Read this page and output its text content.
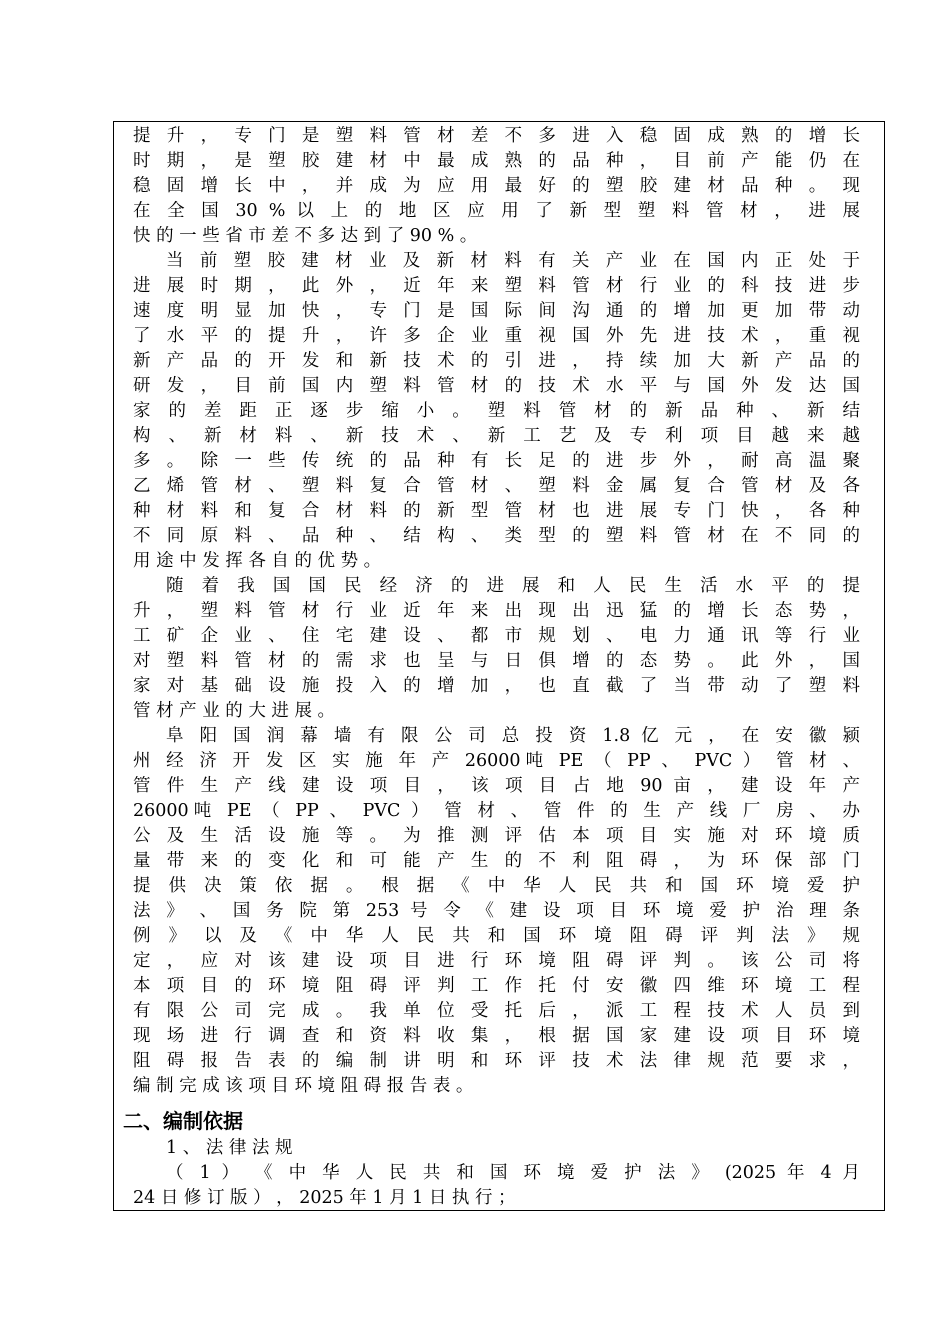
提 升 ， 专 门 是 塑 料 管 材 差 不 多 进 入 稳 固 成 熟 的 增 长
时 期 ， 是 塑 胶 建 材 中 最 成 熟 的 品 种 ， 目 前 产 能 仍 在
稳 固 增 长 中 ， 并 成 为 应 用 最 好 的 塑 胶 建 材 品 种 。 现
在 全 国 30 % 以 上 的 地 区 应 用 了 新 型 塑 料 管 材 ， 进 展
快 的 一 些 省 市 差 不 多 达 到 了 90 % 。
当 前 塑 胶 建 材 业 及 新 材 料 有 关 产 业 在 国 内 正 处 于
进 展 时 期 ， 此 外 ， 近 年 来 塑 料 管 材 行 业 的 科 技 进 步
速 度 明 显 加 快 ， 专 门 是 国 际 间 沟 通 的 增 加 更 加 带 动
了 水 平 的 提 升 ， 许 多 企 业 重 视 国 外 先 进 技 术 ， 重 视
新 产 品 的 开 发 和 新 技 术 的 引 进 ， 持 续 加 大 新 产 品 的
研 发 ， 目 前 国 内 塑 料 管 材 的 技 术 水 平 与 国 外 发 达 国
家 的 差 距 正 逐 步 缩 小 。 塑 料 管 材 的 新 品 种 、 新 结
构 、 新 材 料 、 新 技 术 、 新 工 艺 及 专 利 项 目 越 来 越
多 。 除 一 些 传 统 的 品 种 有 长 足 的 进 步 外 ， 耐 高 温 聚
乙 烯 管 材 、 塑 料 复 合 管 材 、 塑 料 金 属 复 合 管 材 及 各
种 材 料 和 复 合 材 料 的 新 型 管 材 也 进 展 专 门 快 ， 各 种
不 同 原 料 、 品 种 、 结 构 、 类 型 的 塑 料 管 材 在 不 同 的
用 途 中 发 挥 各 自 的 优 势 。
随 着 我 国 国 民 经 济 的 进 展 和 人 民 生 活 水 平 的 提
升 ， 塑 料 管 材 行 业 近 年 来 出 现 出 迅 猛 的 增 长 态 势 ，
工 矿 企 业 、 住 宅 建 设 、 都 市 规 划 、 电 力 通 讯 等 行 业
对 塑 料 管 材 的 需 求 也 呈 与 日 俱 增 的 态 势 。 此 外 ， 国
家 对 基 础 设 施 投 入 的 增 加 ， 也 直 截 了 当 带 动 了 塑 料
管 材 产 业 的 大 进 展 。
阜 阳 国 润 幕 墙 有 限 公 司 总 投 资 1.8 亿 元 ， 在 安 徽 颍
州 经 济 开 发 区 实 施 年 产 26000吨 PE （ PP 、 PVC ） 管 材 、
管 件 生 产 线 建 设 项 目 ， 该 项 目 占 地 90 亩 ， 建 设 年 产
26000吨 PE （ PP 、 PVC ） 管 材 、 管 件 的 生 产 线 厂 房 、 办
公 及 生 活 设 施 等 。 为 推 测 评 估 本 项 目 实 施 对 环 境 质
量 带 来 的 变 化 和 可 能 产 生 的 不 利 阻 碍 ， 为 环 保 部 门
提 供 决 策 依 据 。 根 据 《 中 华 人 民 共 和 国 环 境 爱 护
法 》 、 国 务 院 第 253 号 令 《 建 设 项 目 环 境 爱 护 治 理 条
例 》 以 及 《 中 华 人 民 共 和 国 环 境 阻 碍 评 判 法 》 规
定 ， 应 对 该 建 设 项 目 进 行 环 境 阻 碍 评 判 。 该 公 司 将
本 项 目 的 环 境 阻 碍 评 判 工 作 托 付 安 徽 四 维 环 境 工 程
有 限 公 司 完 成 。 我 单 位 受 托 后 ， 派 工 程 技 术 人 员 到
现 场 进 行 调 查 和 资 料 收 集 ， 根 据 国 家 建 设 项 目 环 境
阻 碍 报 告 表 的 编 制 讲 明 和 环 评 技 术 法 律 规 范 要 求 ，
编 制 完 成 该 项 目 环 境 阻 碍 报 告 表 。
二、编制依据
1 、 法 律 法 规
（ 1 ） 《 中 华 人 民 共 和 国 环 境 爱 护 法 》 (2025 年 4 月
24 日 修 订 版 ） ， 2025 年 1 月 1 日 执 行 ；
